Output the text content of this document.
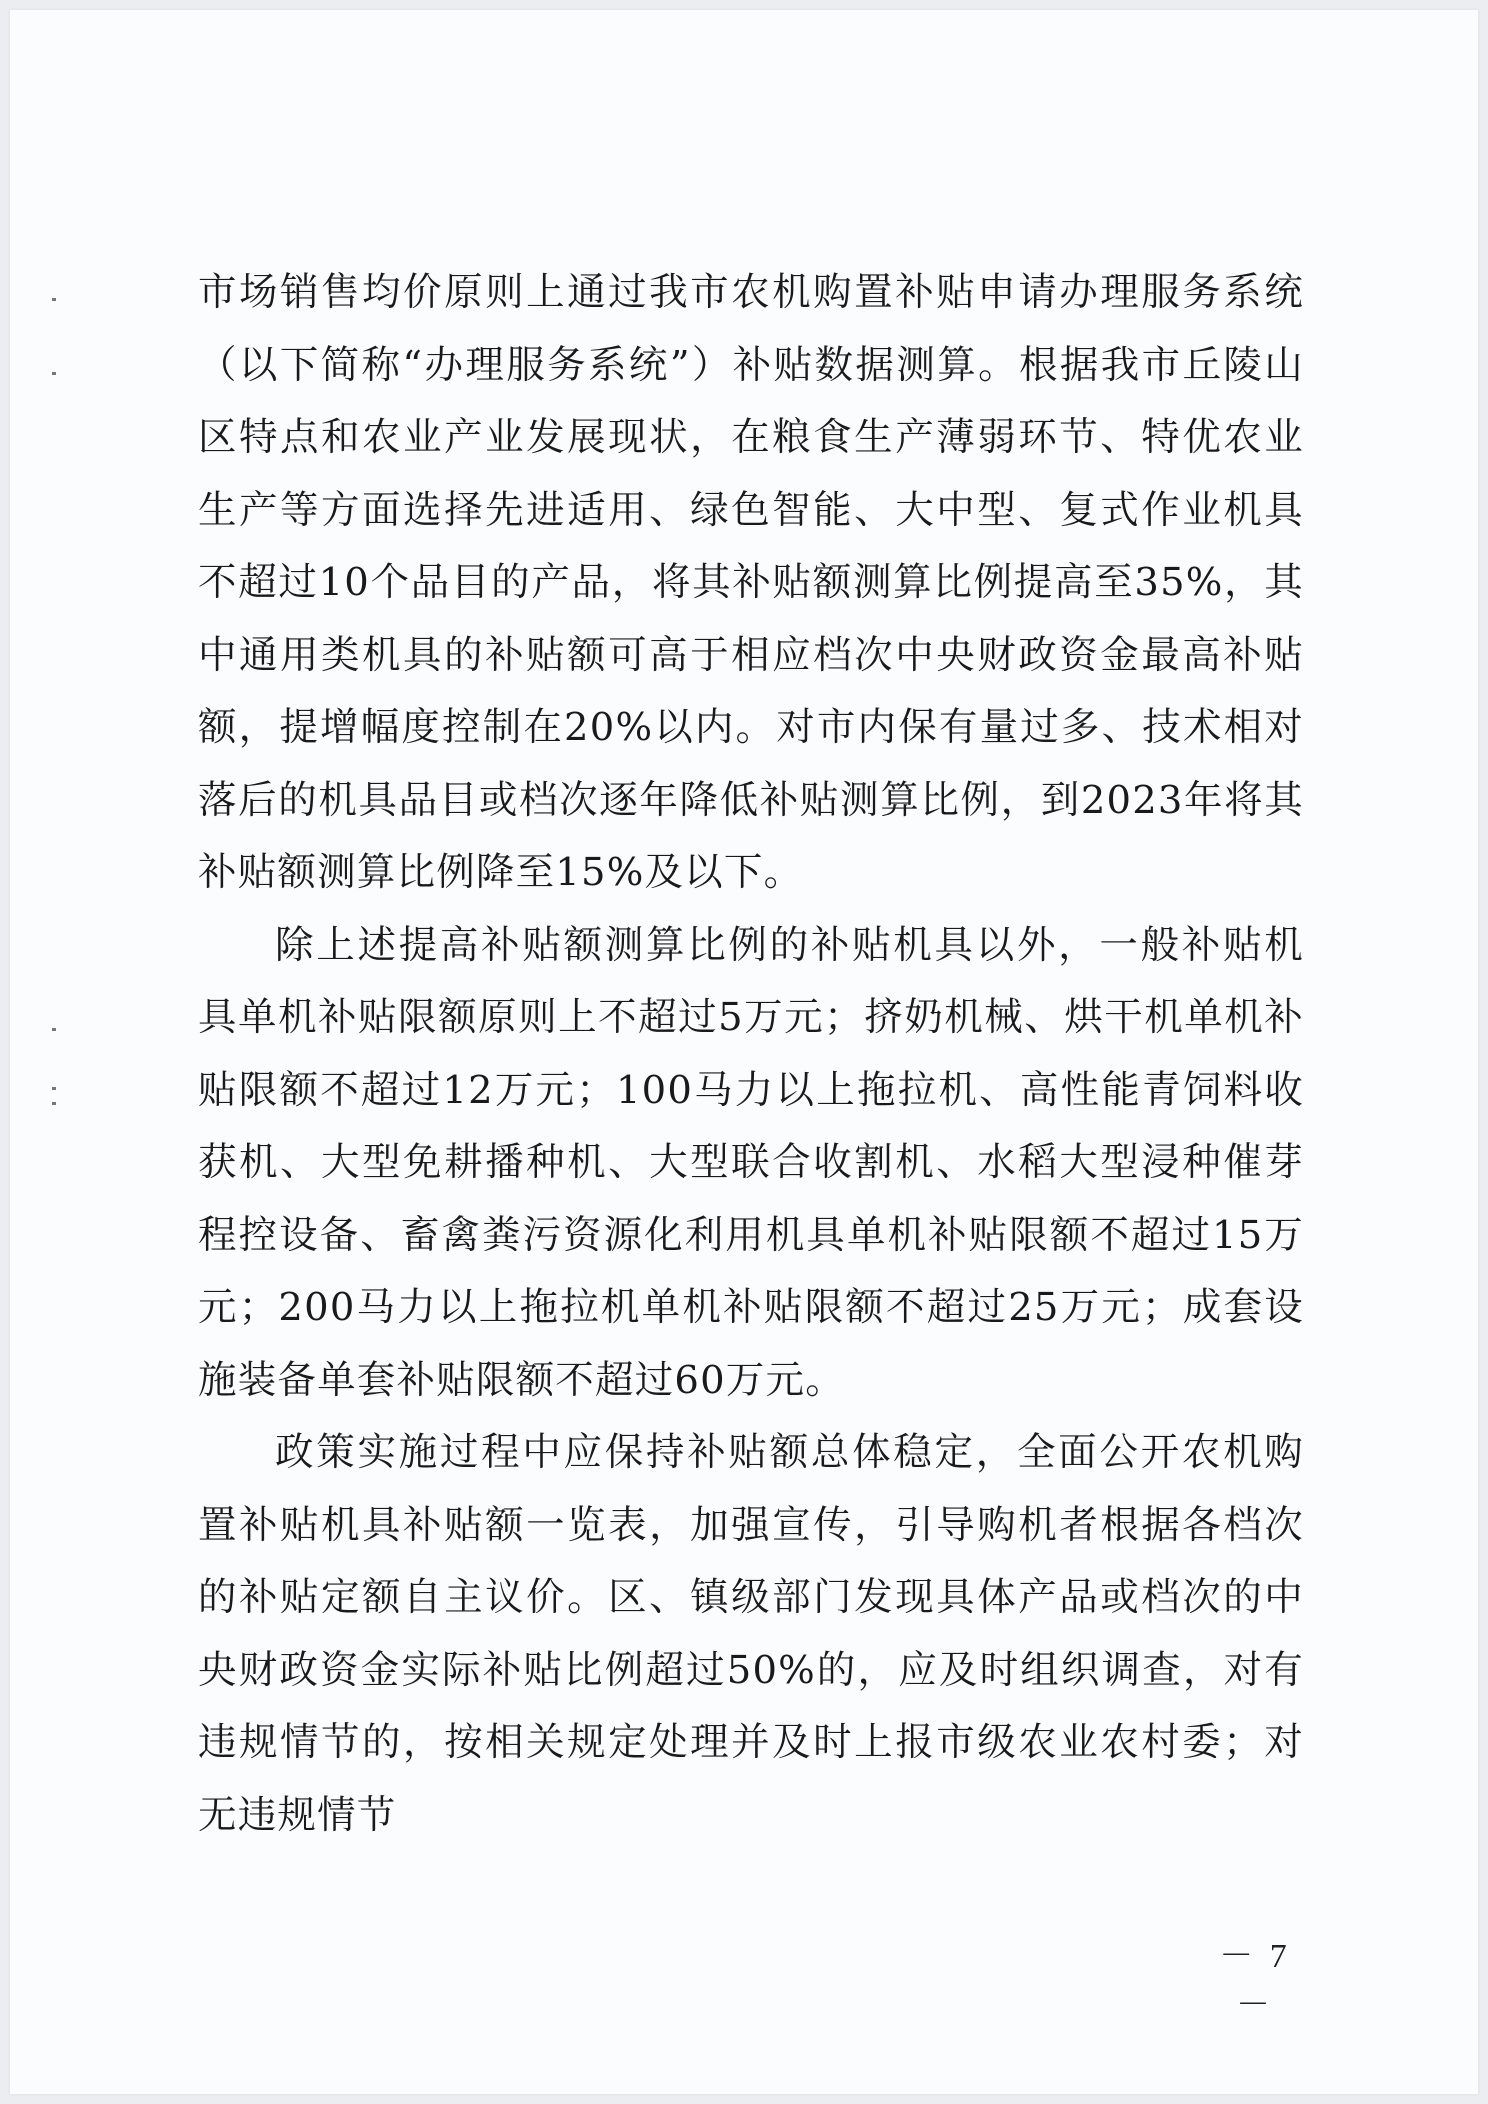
市场销售均价原则上通过我市农机购置补贴申请办理服务系统（以下简称“办理服务系统”）补贴数据测算。根据我市丘陵山区特点和农业产业发展现状，在粮食生产薄弱环节、特优农业生产等方面选择先进适用、绿色智能、大中型、复式作业机具不超过10个品目的产品，将其补贴额测算比例提高至35%，其中通用类机具的补贴额可高于相应档次中央财政资金最高补贴额，提增幅度控制在20%以内。对市内保有量过多、技术相对落后的机具品目或档次逐年降低补贴测算比例，到2023年将其补贴额测算比例降至15%及以下。

除上述提高补贴额测算比例的补贴机具以外，一般补贴机具单机补贴限额原则上不超过5万元；挤奶机械、烘干机单机补贴限额不超过12万元；100马力以上拖拉机、高性能青饲料收获机、大型免耕播种机、大型联合收割机、水稻大型浸种催芽程控设备、畜禽粪污资源化利用机具单机补贴限额不超过15万元；200马力以上拖拉机单机补贴限额不超过25万元；成套设施装备单套补贴限额不超过60万元。

政策实施过程中应保持补贴额总体稳定，全面公开农机购置补贴机具补贴额一览表，加强宣传，引导购机者根据各档次的补贴定额自主议价。区、镇级部门发现具体产品或档次的中央财政资金实际补贴比例超过50%的，应及时组织调查，对有违规情节的，按相关规定处理并及时上报市级农业农村委；对无违规情节

－ 7 －
